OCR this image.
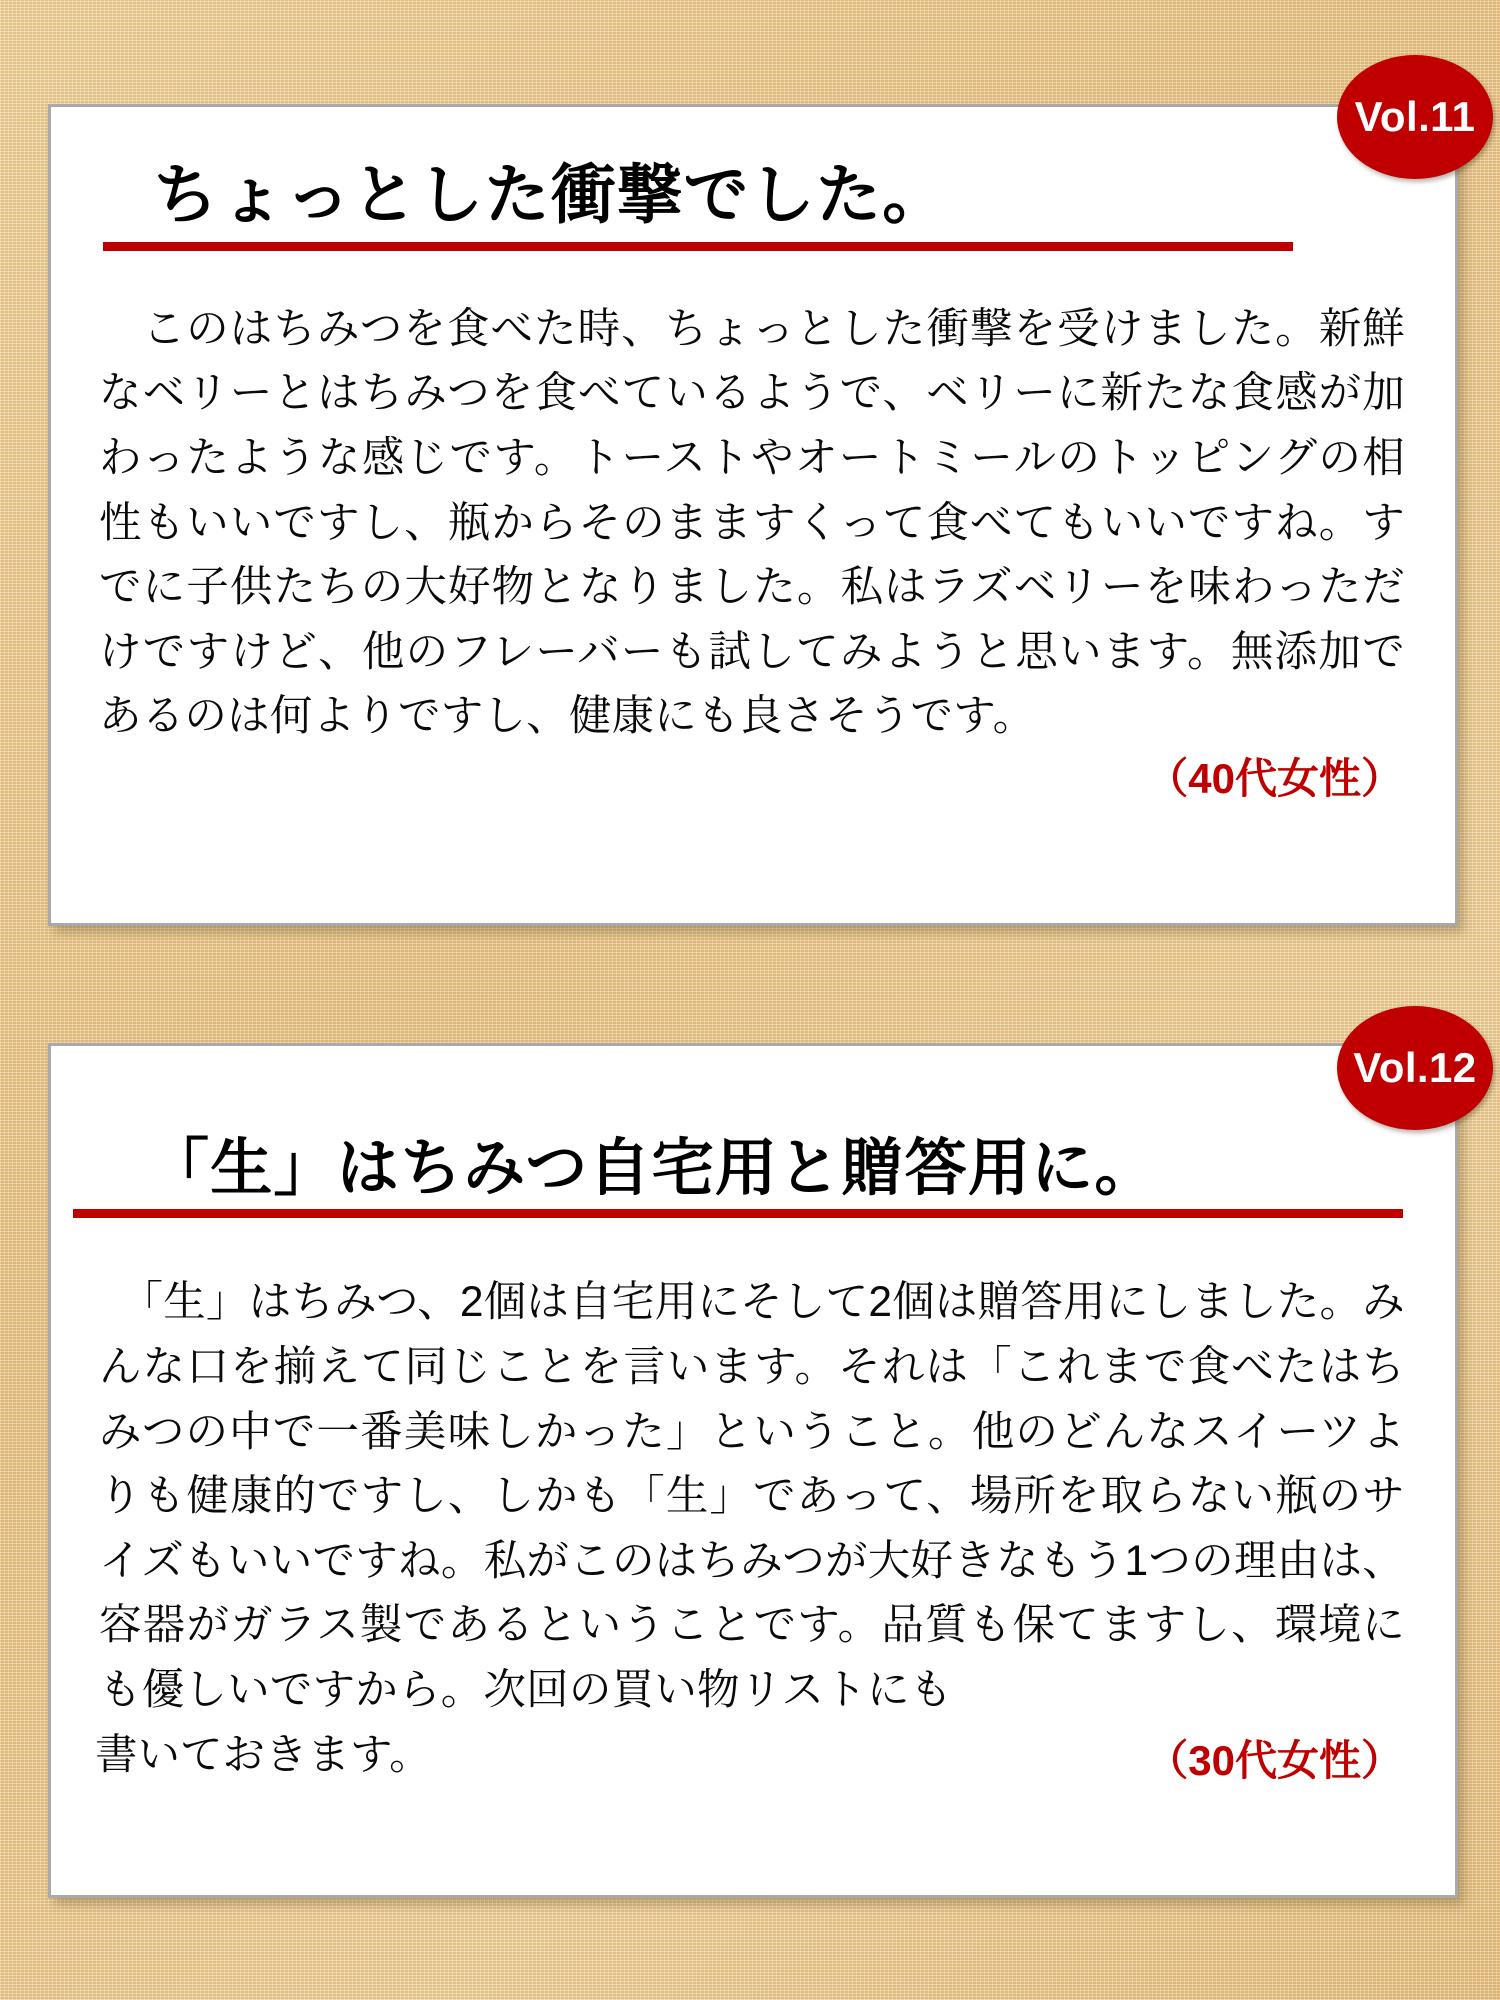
Vol.11
ちょっとした衝撃でした。

　このはちみつを食べた時、ちょっとした衝撃を受けました。新鮮なベリーとはちみつを食べているようで、ベリーに新たな食感が加わったような感じです。トーストやオートミールのトッピングの相性もいいですし、瓶からそのまますくって食べてもいいですね。すでに子供たちの大好物となりました。私はラズベリーを味わっただけですけど、他のフレーバーも試してみようと思います。無添加であるのは何よりですし、健康にも良さそうです。

（40代女性）
Vol.12
「生」はちみつ自宅用と贈答用に。

　「生」はちみつ、2個は自宅用にそして2個は贈答用にしました。みんな口を揃えて同じことを言います。それは「これまで食べたはちみつの中で一番美味しかった」ということ。他のどんなスイーツよりも健康的ですし、しかも「生」であって、場所を取らない瓶のサイズもいいですね。私がこのはちみつが大好きなもう1つの理由は、容器がガラス製であるということです。品質も保てますし、環境にも優しいですから。次回の買い物リストにも

書いておきます。	（30代女性）
